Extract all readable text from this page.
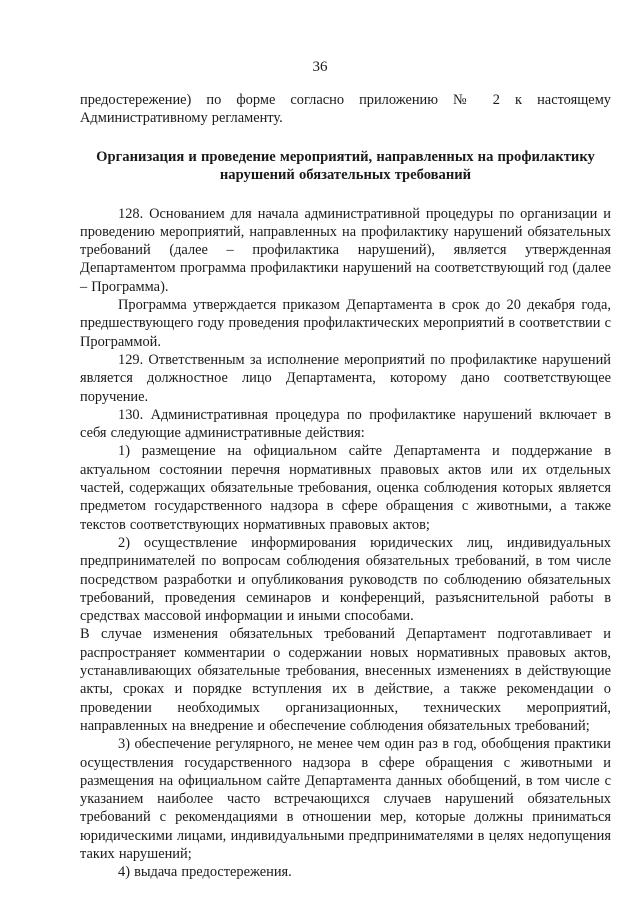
36

предостережение) по форме согласно приложению № 2 к настоящему Административному регламенту.

Организация и проведение мероприятий, направленных на профилактику нарушений обязательных требований

128. Основанием для начала административной процедуры по организации и проведению мероприятий, направленных на профилактику нарушений обязательных требований (далее – профилактика нарушений), является утвержденная Департаментом программа профилактики нарушений на соответствующий год (далее – Программа).

Программа утверждается приказом Департамента в срок до 20 декабря года, предшествующего году проведения профилактических мероприятий в соответствии с Программой.

129. Ответственным за исполнение мероприятий по профилактике нарушений является должностное лицо Департамента, которому дано соответствующее поручение.

130. Административная процедура по профилактике нарушений включает в себя следующие административные действия:

1) размещение на официальном сайте Департамента и поддержание в актуальном состоянии перечня нормативных правовых актов или их отдельных частей, содержащих обязательные требования, оценка соблюдения которых является предметом государственного надзора в сфере обращения с животными, а также текстов соответствующих нормативных правовых актов;

2) осуществление информирования юридических лиц, индивидуальных предпринимателей по вопросам соблюдения обязательных требований, в том числе посредством разработки и опубликования руководств по соблюдению обязательных требований, проведения семинаров и конференций, разъяснительной работы в средствах массовой информации и иными способами.

В случае изменения обязательных требований Департамент подготавливает и распространяет комментарии о содержании новых нормативных правовых актов, устанавливающих обязательные требования, внесенных изменениях в действующие акты, сроках и порядке вступления их в действие, а также рекомендации о проведении необходимых организационных, технических мероприятий, направленных на внедрение и обеспечение соблюдения обязательных требований;

3) обеспечение регулярного, не менее чем один раз в год, обобщения практики осуществления государственного надзора в сфере обращения с животными и размещения на официальном сайте Департамента данных обобщений, в том числе с указанием наиболее часто встречающихся случаев нарушений обязательных требований с рекомендациями в отношении мер, которые должны приниматься юридическими лицами, индивидуальными предпринимателями в целях недопущения таких нарушений;

4) выдача предостережения.
